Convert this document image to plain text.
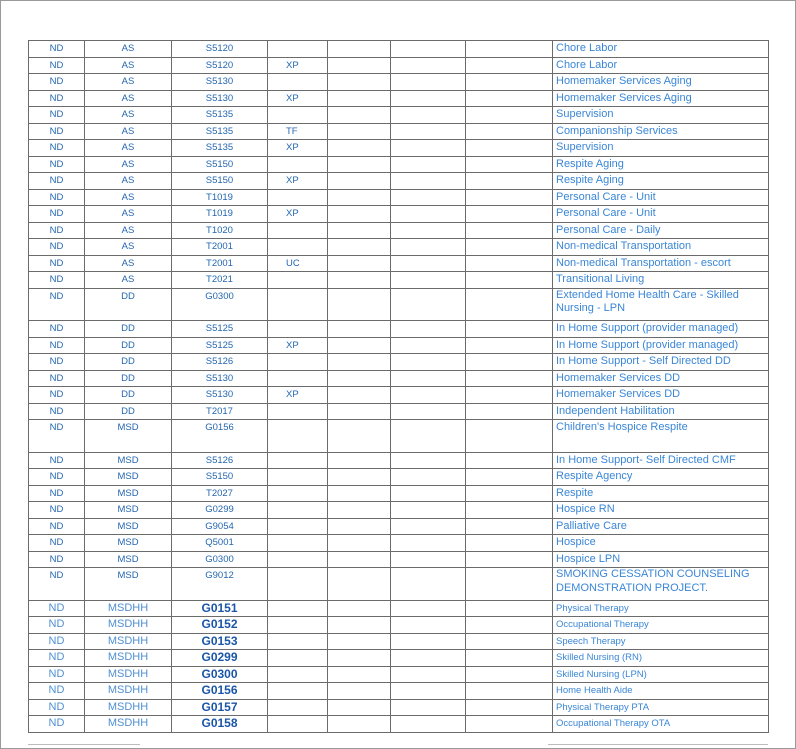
ND	AS	S5120					Chore Labor
ND	AS	S5120	XP				Chore Labor
ND	AS	S5130					Homemaker Services Aging
ND	AS	S5130	XP				Homemaker Services Aging
ND	AS	S5135					Supervision
ND	AS	S5135	TF				Companionship Services
ND	AS	S5135	XP				Supervision
ND	AS	S5150					Respite Aging
ND	AS	S5150	XP				Respite Aging
ND	AS	T1019					Personal Care - Unit
ND	AS	T1019	XP				Personal Care - Unit
ND	AS	T1020					Personal Care - Daily
ND	AS	T2001					Non-medical Transportation
ND	AS	T2001	UC				Non-medical Transportation - escort
ND	AS	T2021					Transitional Living
ND	DD	G0300					Extended Home Health Care - Skilled Nursing - LPN
ND	DD	S5125					In Home Support (provider managed)
ND	DD	S5125	XP				In Home Support (provider managed)
ND	DD	S5126					In Home Support - Self Directed DD
ND	DD	S5130					Homemaker Services DD
ND	DD	S5130	XP				Homemaker Services DD
ND	DD	T2017					Independent Habilitation
ND	MSD	G0156					Children's Hospice Respite
ND	MSD	S5126					In Home Support- Self Directed CMF
ND	MSD	S5150					Respite Agency
ND	MSD	T2027					Respite
ND	MSD	G0299					Hospice RN
ND	MSD	G9054					Palliative Care
ND	MSD	Q5001					Hospice
ND	MSD	G0300					Hospice LPN
ND	MSD	G9012					SMOKING CESSATION COUNSELING DEMONSTRATION PROJECT.
ND	MSDHH	G0151					Physical Therapy
ND	MSDHH	G0152					Occupational Therapy
ND	MSDHH	G0153					Speech Therapy
ND	MSDHH	G0299					Skilled Nursing (RN)
ND	MSDHH	G0300					Skilled Nursing (LPN)
ND	MSDHH	G0156					Home Health Aide
ND	MSDHH	G0157					Physical Therapy PTA
ND	MSDHH	G0158					Occupational Therapy OTA
